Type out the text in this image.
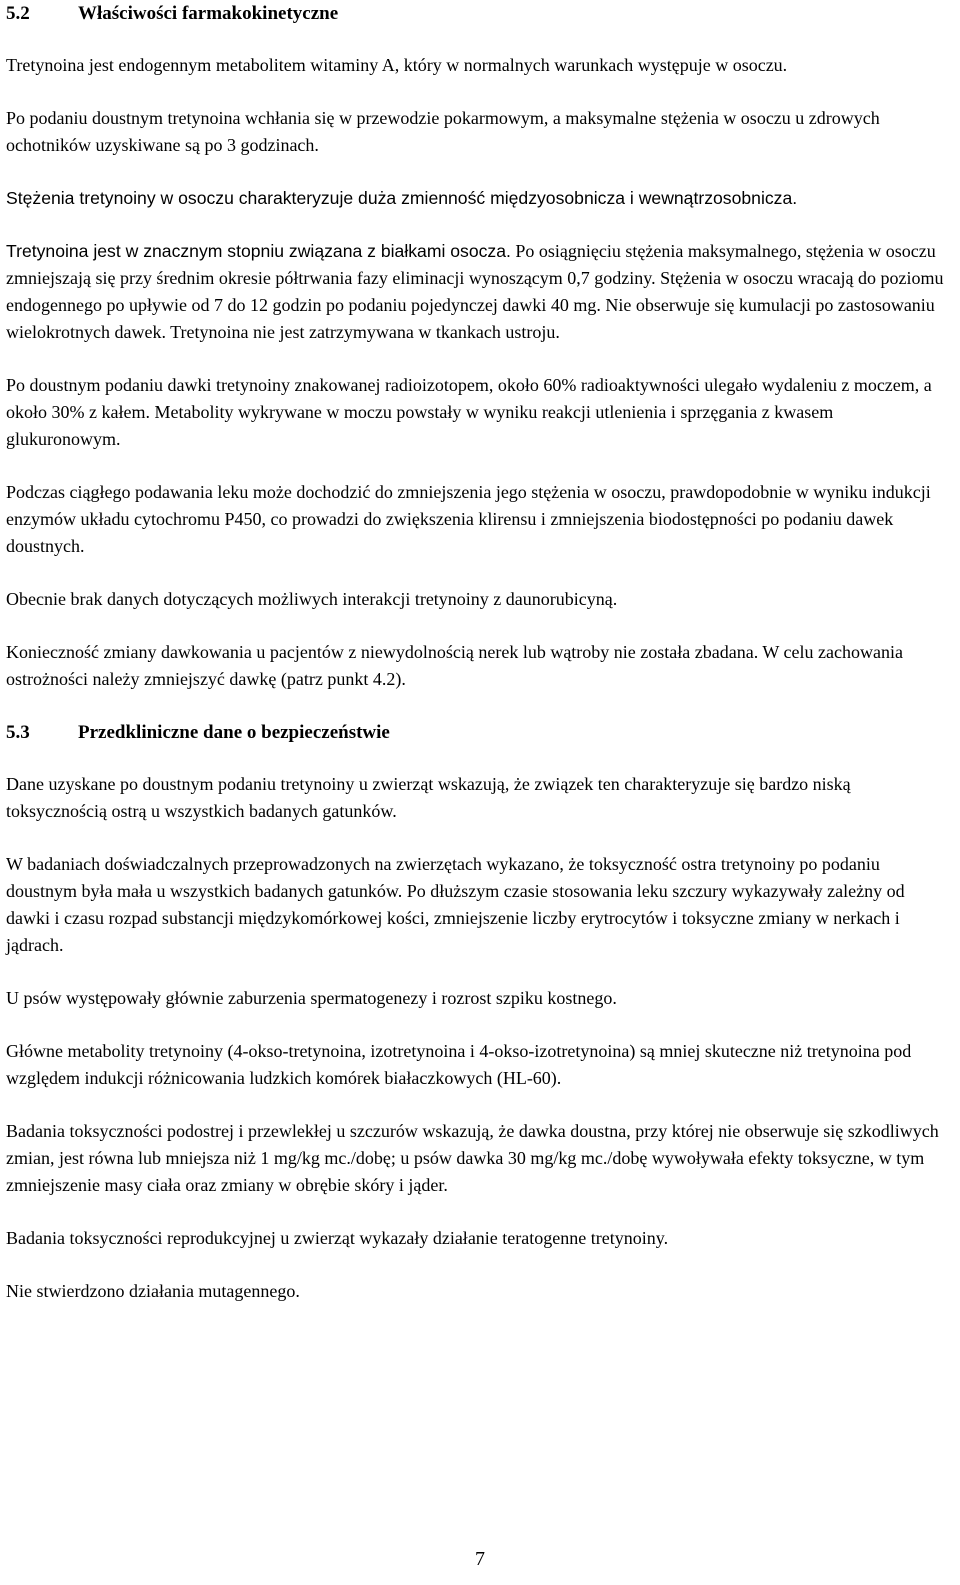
5.2	Właściwości farmakokinetyczne
Tretynoina jest endogennym metabolitem witaminy A, który w normalnych warunkach występuje w osoczu.
Po podaniu doustnym tretynoina wchłania się w przewodzie pokarmowym, a maksymalne stężenia w osoczu u zdrowych ochotników uzyskiwane są po 3 godzinach.
Stężenia tretynoiny w osoczu charakteryzuje duża zmienność międzyosobnicza i wewnątrzosobnicza.
Tretynoina jest w znacznym stopniu związana z białkami osocza. Po osiągnięciu stężenia maksymalnego, stężenia w osoczu zmniejszają się przy średnim okresie półtrwania fazy eliminacji wynoszącym 0,7 godziny. Stężenia w osoczu wracają do poziomu endogennego po upływie od 7 do 12 godzin po podaniu pojedynczej dawki 40 mg. Nie obserwuje się kumulacji po zastosowaniu wielokrotnych dawek. Tretynoina nie jest zatrzymywana w tkankach ustroju.
Po doustnym podaniu dawki tretynoiny znakowanej radioizotopem, około 60% radioaktywności ulegało wydaleniu z moczem, a około 30% z kałem. Metabolity wykrywane w moczu powstały w wyniku reakcji utlenienia i sprzęgania z kwasem glukuronowym.
Podczas ciągłego podawania leku może dochodzić do zmniejszenia jego stężenia w osoczu, prawdopodobnie w wyniku indukcji enzymów układu cytochromu P450, co prowadzi do zwiększenia klirensu i zmniejszenia biodostępności po podaniu dawek doustnych.
Obecnie brak danych dotyczących możliwych interakcji tretynoiny z daunorubicyną.
Konieczność zmiany dawkowania u pacjentów z niewydolnością nerek lub wątroby nie została zbadana. W celu zachowania ostrożności należy zmniejszyć dawkę (patrz punkt 4.2).
5.3	Przedkliniczne dane o bezpieczeństwie
Dane uzyskane po doustnym podaniu tretynoiny u zwierząt wskazują, że związek ten charakteryzuje się bardzo niską toksycznością ostrą u wszystkich badanych gatunków.
W badaniach doświadczalnych przeprowadzonych na zwierzętach wykazano, że toksyczność ostra tretynoiny po podaniu doustnym była mała u wszystkich badanych gatunków. Po dłuższym czasie stosowania leku szczury wykazywały zależny od dawki i czasu rozpad substancji międzykomórkowej kości, zmniejszenie liczby erytrocytów i toksyczne zmiany w nerkach i jądrach.
U psów występowały głównie zaburzenia spermatogenezy i rozrost szpiku kostnego.
Główne metabolity tretynoiny (4-okso-tretynoina, izotretynoina i 4-okso-izotretynoina) są mniej skuteczne niż tretynoina pod względem indukcji różnicowania ludzkich komórek białaczkowych (HL-60).
Badania toksyczności podostrej i przewlekłej u szczurów wskazują, że dawka doustna, przy której nie obserwuje się szkodliwych zmian, jest równa lub mniejsza niż 1 mg/kg mc./dobę; u psów dawka 30 mg/kg mc./dobę wywoływała efekty toksyczne, w tym zmniejszenie masy ciała oraz zmiany w obrębie skóry i jąder.
Badania toksyczności reprodukcyjnej u zwierząt wykazały działanie teratogenne tretynoiny.
Nie stwierdzono działania mutagennego.
7
